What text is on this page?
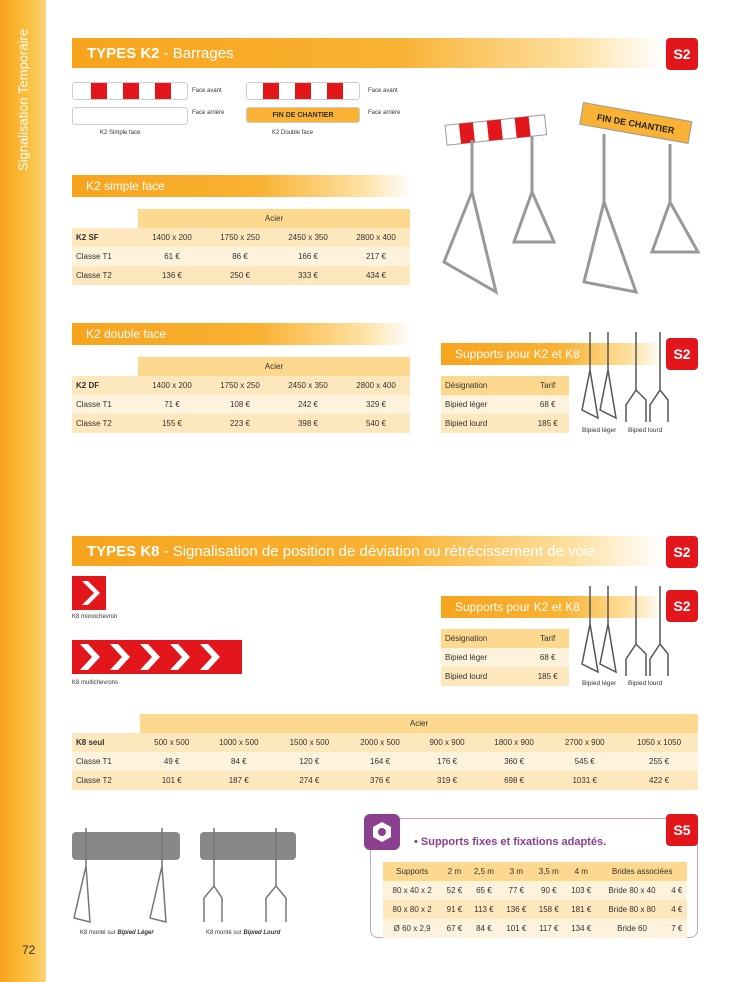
Signalisation Temporaire
72
TYPES K2 - Barrages	S2
Face avant
Face arrière
K2 Simple face
Face avant
FIN DE CHANTIER	Face arrière
K2 Double face	FIN DE CHANTIER
K2 simple face
	Acier			
K2 SF	1400 x 200	1750 x 250	2450 x 350	2800 x 400
Classe T1	61 €	86 €	166 €	217 €
Classe T2	136 €	250 €	333 €	434 €
K2 double face
	Acier			
K2 DF	1400 x 200	1750 x 250	2450 x 350	2800 x 400
Classe T1	71 €	108 €	242 €	329 €
Classe T2	155 €	223 €	398 €	540 €
Supports pour K2 et K8	S2
Désignation	Tarif
Bipied léger	68 €
Bipied lourd	185 €
Bipied léger Bipied lourd
TYPES K8 - Signalisation de position de déviation ou rétrécissement de voie	S2
K8 monochevron
K8 multichevrons
Supports pour K2 et K8	S2
Désignation	Tarif
Bipied léger	68 €
Bipied lourd	185 €
Bipied léger Bipied lourd
	Acier							
K8 seul	500 x 500	1000 x 500	1500 x 500	2000 x 500	900 x 900	1800 x 900	2700 x 900	1050 x 1050
Classe T1	49 €	84 €	120 €	164 €	176 €	360 €	545 €	255 €
Classe T2	101 €	187 €	274 €	376 €	319 €	698 €	1031 €	422 €
K8 monté sur Bipied Léger	K8 monté sur Bipied Lourd
• Supports fixes et fixations adaptés.
S5
Supports	2 m	2,5 m	3 m	3,5 m	4 m	Brides associées	
80 x 40 x 2	52 €	65 €	77 €	90 €	103 €	Bride 80 x 40	4 €
80 x 80 x 2	91 €	113 €	136 €	158 €	181 €	Bride 80 x 80	4 €
Ø 60 x 2,9	67 €	84 €	101 €	117 €	134 €	Bride 60	7 €
